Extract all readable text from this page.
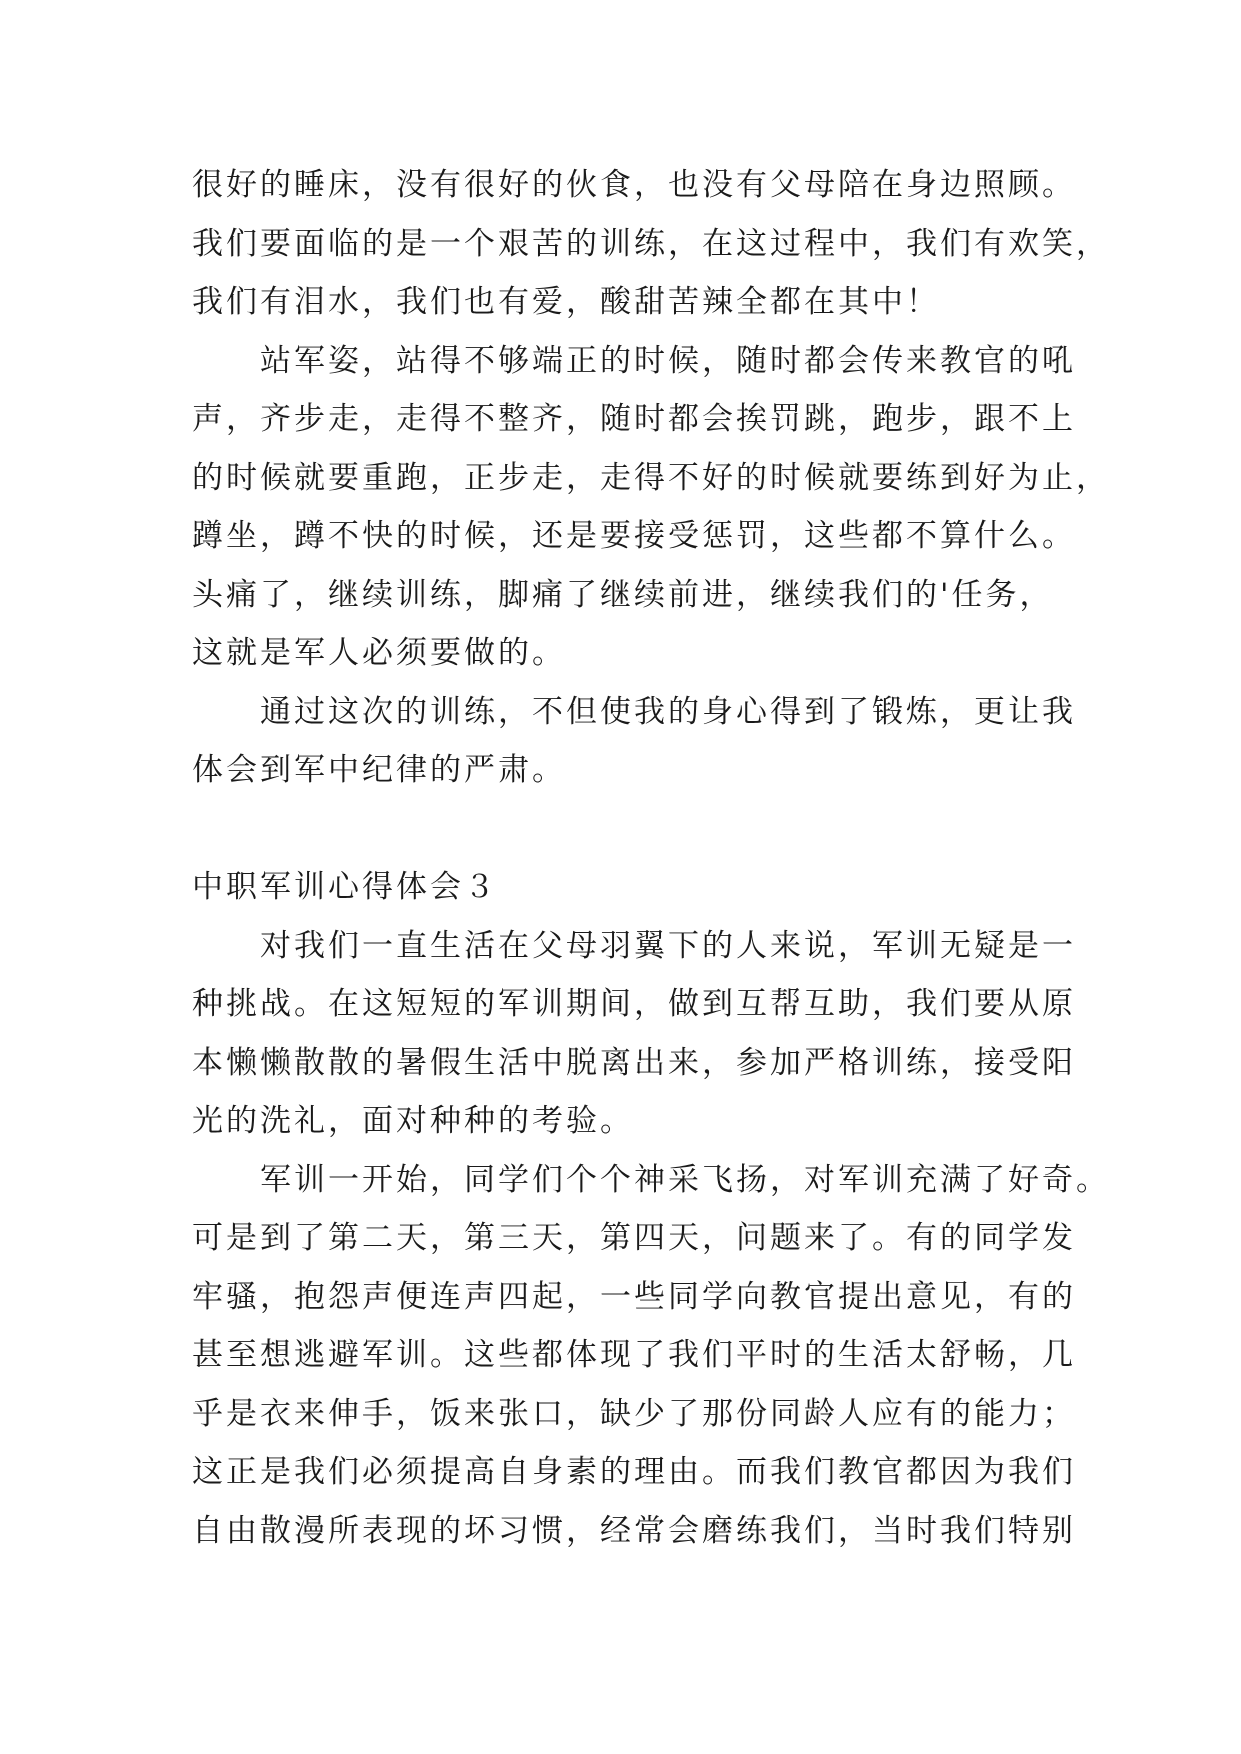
很好的睡床，没有很好的伙食，也没有父母陪在身边照顾。
我们要面临的是一个艰苦的训练，在这过程中，我们有欢笑，
我们有泪水，我们也有爱，酸甜苦辣全都在其中！
　　站军姿，站得不够端正的时候，随时都会传来教官的吼
声，齐步走，走得不整齐，随时都会挨罚跳，跑步，跟不上
的时候就要重跑，正步走，走得不好的时候就要练到好为止，
蹲坐，蹲不快的时候，还是要接受惩罚，这些都不算什么。
头痛了，继续训练，脚痛了继续前进，继续我们的'任务，
这就是军人必须要做的。
　　通过这次的训练，不但使我的身心得到了锻炼，更让我
体会到军中纪律的严肃。
中职军训心得体会３
　　对我们一直生活在父母羽翼下的人来说，军训无疑是一
种挑战。在这短短的军训期间，做到互帮互助，我们要从原
本懒懒散散的暑假生活中脱离出来，参加严格训练，接受阳
光的洗礼，面对种种的考验。
　　军训一开始，同学们个个神采飞扬，对军训充满了好奇。
可是到了第二天，第三天，第四天，问题来了。有的同学发
牢骚，抱怨声便连声四起，一些同学向教官提出意见，有的
甚至想逃避军训。这些都体现了我们平时的生活太舒畅，几
乎是衣来伸手，饭来张口，缺少了那份同龄人应有的能力；
这正是我们必须提高自身素的理由。而我们教官都因为我们
自由散漫所表现的坏习惯，经常会磨练我们，当时我们特别
